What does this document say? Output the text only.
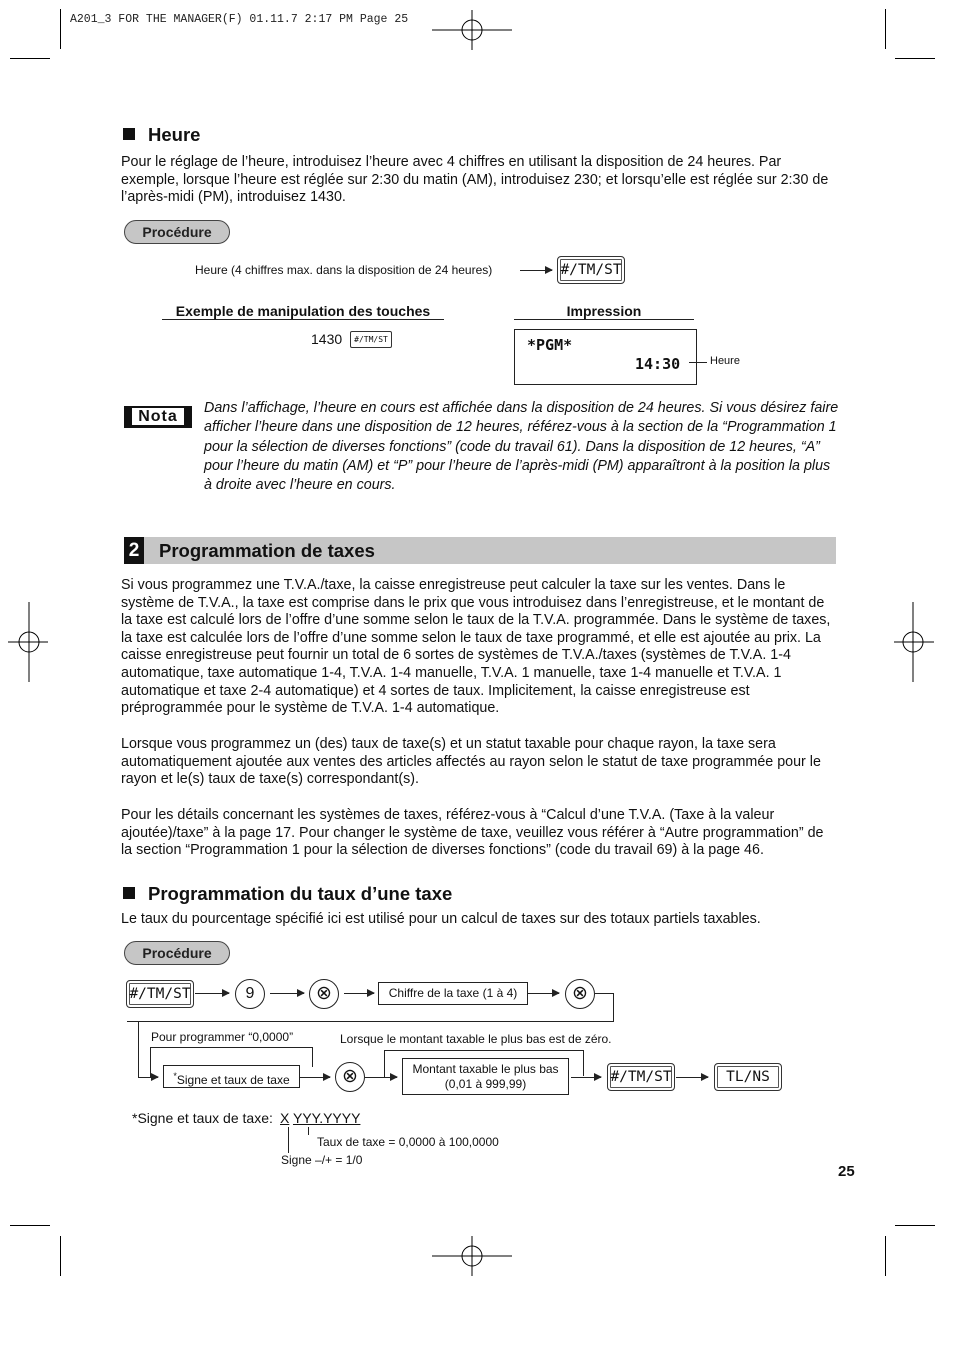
A201_3 FOR THE MANAGER(F) 01.11.7 2:17 PM Page 25
Heure
Pour le réglage de l’heure, introduisez l’heure avec 4 chiffres en utilisant la disposition de 24 heures. Par exemple, lorsque l’heure est réglée sur 2:30 du matin (AM), introduisez 230; et lorsqu’elle est réglée sur 2:30 de l’après-midi (PM), introduisez 1430.
Procédure
Heure (4 chiffres max. dans la disposition de 24 heures)	#/TM/ST
Exemple de manipulation des touches	Impression
1430	#/TM/ST	*PGM*
14:30	Heure
Nota	Dans l’affichage, l’heure en cours est affichée dans la disposition de 24 heures. Si vous désirez faire afficher l’heure dans une disposition de 12 heures, référez-vous à la section de la “Programmation 1 pour la sélection de diverses fonctions” (code du travail 61). Dans la disposition de 12 heures, “A” pour l’heure du matin (AM) et “P” pour l’heure de l’après-midi (PM) apparaîtront à la position la plus à droite avec l’heure en cours.
2 Programmation de taxes
Si vous programmez une T.V.A./taxe, la caisse enregistreuse peut calculer la taxe sur les ventes. Dans le système de T.V.A., la taxe est comprise dans le prix que vous introduisez dans l’enregistreuse, et le montant de la taxe est calculé lors de l’offre d’une somme selon le taux de la T.V.A. programmée. Dans le système de taxes, la taxe est calculée lors de l’offre d’une somme selon le taux de taxe programmé, et elle est ajoutée au prix. La caisse enregistreuse peut fournir un total de 6 sortes de systèmes de T.V.A./taxes (systèmes de T.V.A. 1-4 automatique, taxe automatique 1-4, T.V.A. 1-4 manuelle, T.V.A. 1 manuelle, taxe 1-4 manuelle et T.V.A. 1 automatique et taxe 2-4 automatique) et 4 sortes de taux. Implicitement, la caisse enregistreuse est préprogrammée pour le système de T.V.A. 1-4 automatique.
Lorsque vous programmez un (des) taux de taxe(s) et un statut taxable pour chaque rayon, la taxe sera automatiquement ajoutée aux ventes des articles affectés au rayon selon le statut de taxe programmée pour le rayon et le(s) taux de taxe(s) correspondant(s).
Pour les détails concernant les systèmes de taxes, référez-vous à “Calcul d’une T.V.A. (Taxe à la valeur ajoutée)/taxe” à la page 17. Pour changer le système de taxe, veuillez vous référer à “Autre programmation” de la section “Programmation 1 pour la sélection de diverses fonctions” (code du travail 69) à la page 46.
Programmation du taux d’une taxe
Le taux du pourcentage spécifié ici est utilisé pour un calcul de taxes sur des totaux partiels taxables.
Procédure
#/TM/ST	9	⊗	Chiffre de la taxe (1 à 4)	⊗
Pour programmer “0,0000”	Lorsque le montant taxable le plus bas est de zéro.
*Signe et taux de taxe	⊗	Montant taxable le plus bas
(0,01 à 999,99)	#/TM/ST	TL/NS
*Signe et taux de taxe: X YYY.YYYY
Taux de taxe = 0,0000 à 100,0000
Signe –/+ = 1/0
25
